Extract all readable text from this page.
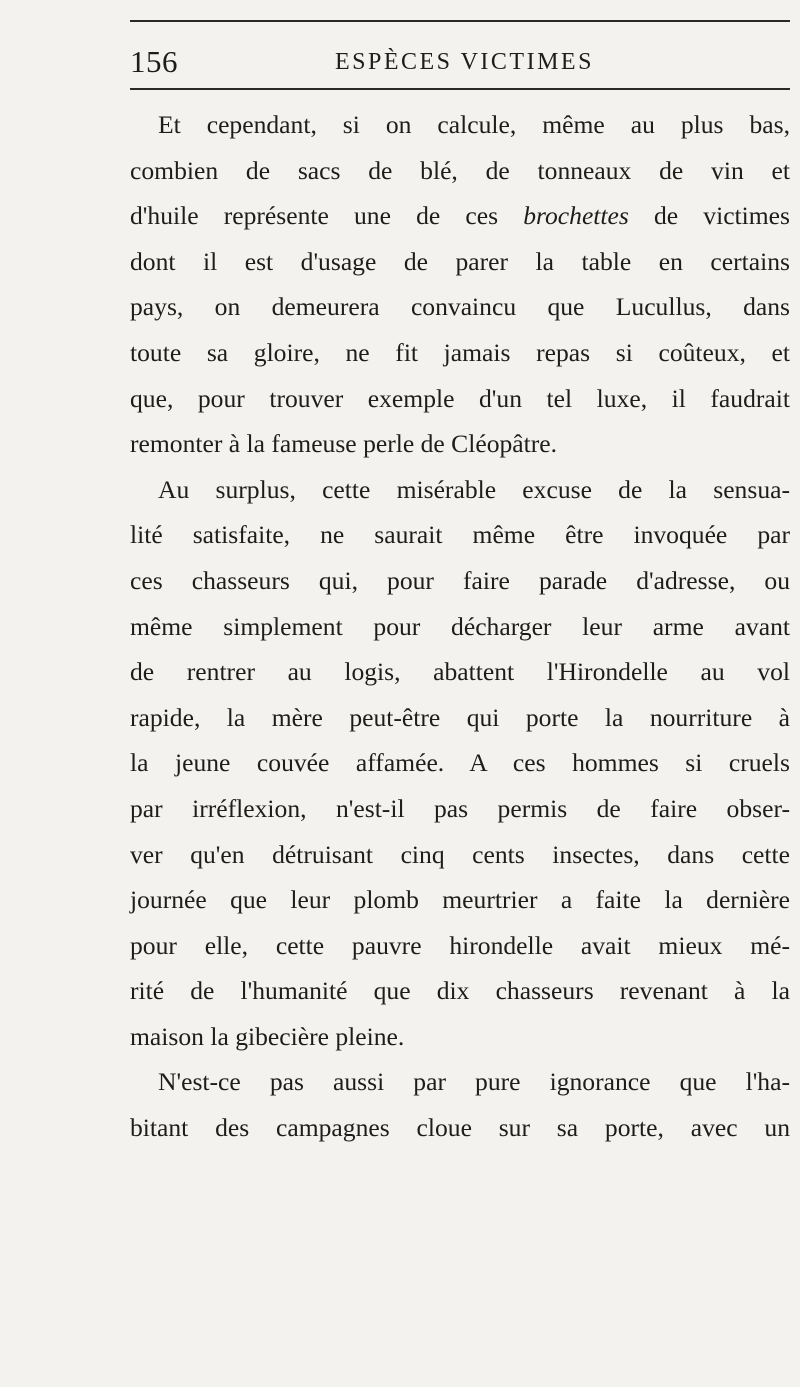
156	ESPÈCES VICTIMES
Et cependant, si on calcule, même au plus bas,
combien de sacs de blé, de tonneaux de vin et
d'huile représente une de ces brochettes de victimes
dont il est d'usage de parer la table en certains
pays, on demeurera convaincu que Lucullus, dans
toute sa gloire, ne fit jamais repas si coûteux, et
que, pour trouver exemple d'un tel luxe, il faudrait
remonter à la fameuse perle de Cléopâtre.
Au surplus, cette misérable excuse de la sensua-
lité satisfaite, ne saurait même être invoquée par
ces chasseurs qui, pour faire parade d'adresse, ou
même simplement pour décharger leur arme avant
de rentrer au logis, abattent l'Hirondelle au vol
rapide, la mère peut-être qui porte la nourriture à
la jeune couvée affamée. A ces hommes si cruels
par irréflexion, n'est-il pas permis de faire obser-
ver qu'en détruisant cinq cents insectes, dans cette
journée que leur plomb meurtrier a faite la dernière
pour elle, cette pauvre hirondelle avait mieux mé-
rité de l'humanité que dix chasseurs revenant à la
maison la gibecière pleine.
N'est-ce pas aussi par pure ignorance que l'ha-
bitant des campagnes cloue sur sa porte, avec un
